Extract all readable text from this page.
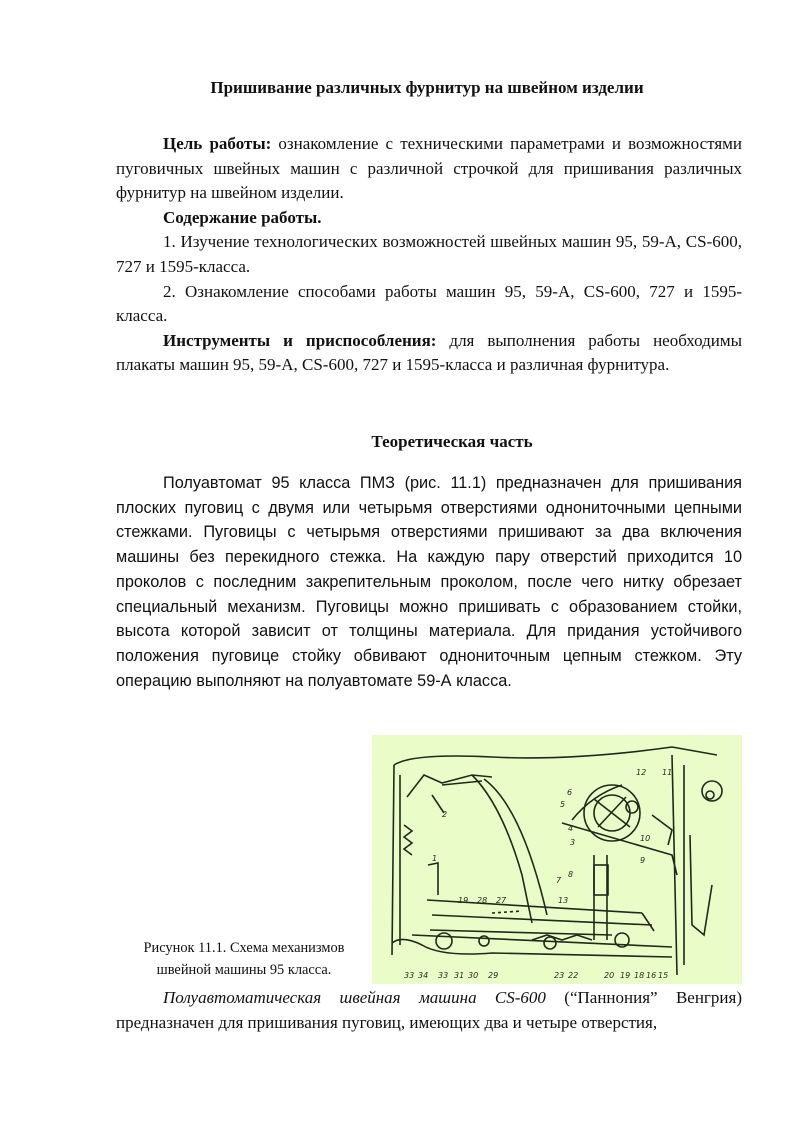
Пришивание различных фурнитур на швейном изделии

Цель работы: ознакомление с техническими параметрами и возможностями пуговичных швейных машин с различной строчкой для пришивания различных фурнитур на швейном изделии.

Содержание работы.

1. Изучение технологических возможностей швейных машин 95, 59-А, CS-600, 727 и 1595-класса.

2. Ознакомление способами работы машин 95, 59-А, CS-600, 727 и 1595-класса.

Инструменты и приспособления: для выполнения работы необходимы плакаты машин 95, 59-А, CS-600, 727 и 1595-класса и различная фурнитура.

Теоретическая часть

Полуавтомат 95 класса ПМЗ (рис. 11.1) предназначен для пришивания плоских пуговиц с двумя или четырьмя отверстиями однониточными цепными стежками. Пуговицы с четырьмя отверстиями пришивают за два включения машины без перекидного стежка. На каждую пару отверстий приходится 10 проколов с последним закрепительным проколом, после чего нитку обрезает специальный механизм. Пуговицы можно пришивать с образованием стойки, высота которой зависит от толщины материала. Для придания устойчивого положения пуговице стойку обвивают однониточным цепным стежком. Эту операцию выполняют на полуавтомате 59-А класса.

6
5
4
3
2
1
12 11
10
9
8
7
19 28 27	13
33 34 33 31 30 29	23 22	20 19 18 16 15
Рисунок 11.1. Схема механизмов
швейной машины 95 класса.

Полуавтоматическая швейная машина CS-600 (“Паннония” Венгрия) предназначен для пришивания пуговиц, имеющих два и четыре отверстия,
